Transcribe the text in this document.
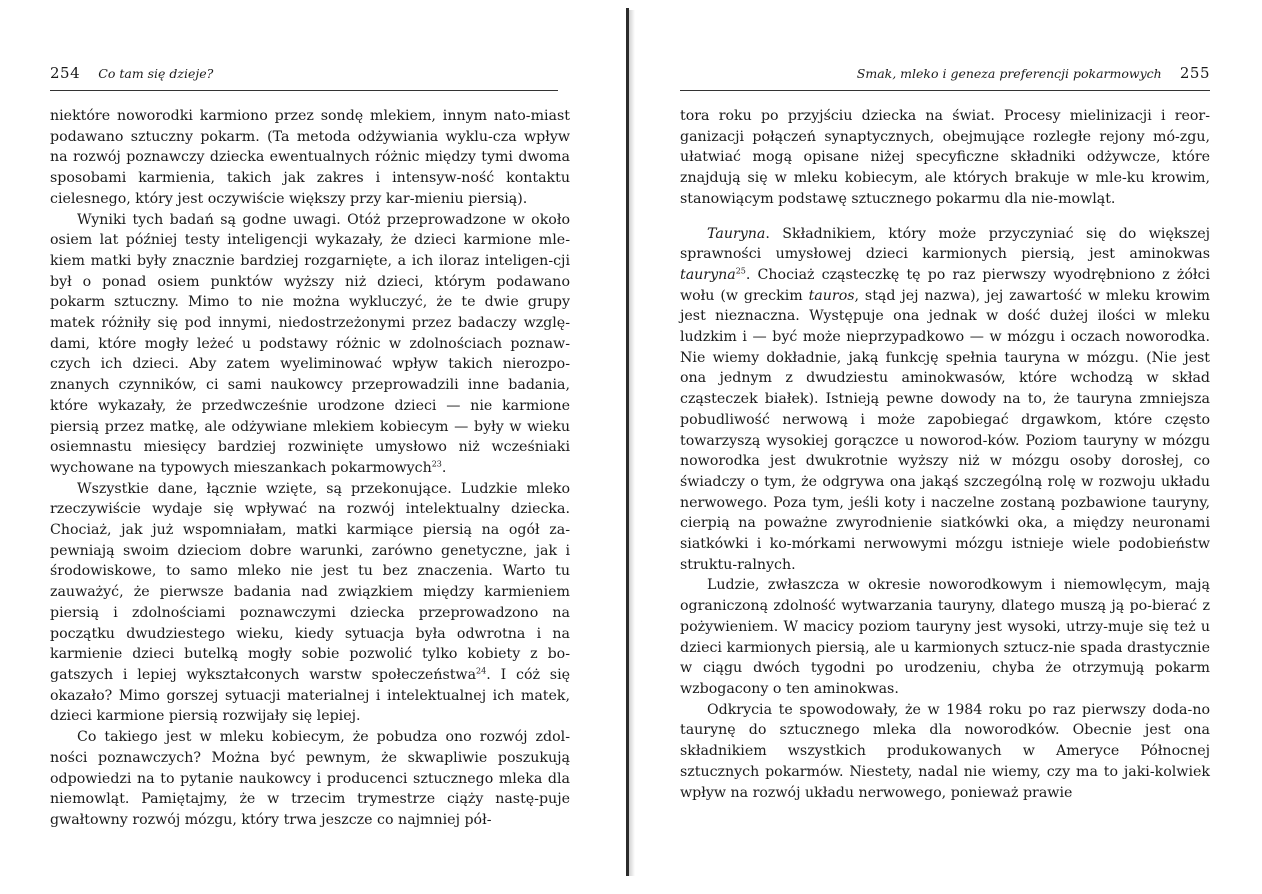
254 Co tam się dzieje?

niektóre noworodki karmiono przez sondę mlekiem, innym nato-miast podawano sztuczny pokarm. (Ta metoda odżywiania wyklu-cza wpływ na rozwój poznawczy dziecka ewentualnych różnic między tymi dwoma sposobami karmienia, takich jak zakres i intensyw-ność kontaktu cielesnego, który jest oczywiście większy przy kar-mieniu piersią).

Wyniki tych badań są godne uwagi. Otóż przeprowadzone w około osiem lat później testy inteligencji wykazały, że dzieci karmione mle-kiem matki były znacznie bardziej rozgarnięte, a ich iloraz inteligen-cji był o ponad osiem punktów wyższy niż dzieci, którym podawano pokarm sztuczny. Mimo to nie można wykluczyć, że te dwie grupy matek różniły się pod innymi, niedostrzeżonymi przez badaczy wzglę-dami, które mogły leżeć u podstawy różnic w zdolnościach poznaw-czych ich dzieci. Aby zatem wyeliminować wpływ takich nierozpo-znanych czynników, ci sami naukowcy przeprowadzili inne badania, które wykazały, że przedwcześnie urodzone dzieci — nie karmione piersią przez matkę, ale odżywiane mlekiem kobiecym — były w wieku osiemnastu miesięcy bardziej rozwinięte umysłowo niż wcześniaki wychowane na typowych mieszankach pokarmowych$^{23}$.

Wszystkie dane, łącznie wzięte, są przekonujące. Ludzkie mleko rzeczywiście wydaje się wpływać na rozwój intelektualny dziecka. Chociaż, jak już wspomniałam, matki karmiące piersią na ogół za-pewniają swoim dzieciom dobre warunki, zarówno genetyczne, jak i środowiskowe, to samo mleko nie jest tu bez znaczenia. Warto tu zauważyć, że pierwsze badania nad związkiem między karmieniem piersią i zdolnościami poznawczymi dziecka przeprowadzono na początku dwudziestego wieku, kiedy sytuacja była odwrotna i na karmienie dzieci butelką mogły sobie pozwolić tylko kobiety z bo-gatszych i lepiej wykształconych warstw społeczeństwa$^{24}$. I cóż się okazało? Mimo gorszej sytuacji materialnej i intelektualnej ich matek, dzieci karmione piersią rozwijały się lepiej.

Co takiego jest w mleku kobiecym, że pobudza ono rozwój zdol-ności poznawczych? Można być pewnym, że skwapliwie poszukują odpowiedzi na to pytanie naukowcy i producenci sztucznego mleka dla niemowląt. Pamiętajmy, że w trzecim trymestrze ciąży nastę-puje gwałtowny rozwój mózgu, który trwa jeszcze co najmniej pół-

Smak, mleko i geneza preferencji pokarmowych 255

tora roku po przyjściu dziecka na świat. Procesy mielinizacji i reor-ganizacji połączeń synaptycznych, obejmujące rozległe rejony mó-zgu, ułatwiać mogą opisane niżej specyficzne składniki odżywcze, które znajdują się w mleku kobiecym, ale których brakuje w mle-ku krowim, stanowiącym podstawę sztucznego pokarmu dla nie-mowląt.

Tauryna. Składnikiem, który może przyczyniać się do większej sprawności umysłowej dzieci karmionych piersią, jest aminokwas tauryna$^{25}$. Chociaż cząsteczkę tę po raz pierwszy wyodrębniono z żółci wołu (w greckim tauros, stąd jej nazwa), jej zawartość w mleku krowim jest nieznaczna. Występuje ona jednak w dość dużej ilości w mleku ludzkim i — być może nieprzypadkowo — w mózgu i oczach noworodka. Nie wiemy dokładnie, jaką funkcję spełnia tauryna w mózgu. (Nie jest ona jednym z dwudziestu aminokwasów, które wchodzą w skład cząsteczek białek). Istnieją pewne dowody na to, że tauryna zmniejsza pobudliwość nerwową i może zapobiegać drgawkom, które często towarzyszą wysokiej gorączce u noworod-ków. Poziom tauryny w mózgu noworodka jest dwukrotnie wyższy niż w mózgu osoby dorosłej, co świadczy o tym, że odgrywa ona jakąś szczególną rolę w rozwoju układu nerwowego. Poza tym, jeśli koty i naczelne zostaną pozbawione tauryny, cierpią na poważne zwyrodnienie siatkówki oka, a między neuronami siatkówki i ko-mórkami nerwowymi mózgu istnieje wiele podobieństw struktu-ralnych.

Ludzie, zwłaszcza w okresie noworodkowym i niemowlęcym, mają ograniczoną zdolność wytwarzania tauryny, dlatego muszą ją po-bierać z pożywieniem. W macicy poziom tauryny jest wysoki, utrzy-muje się też u dzieci karmionych piersią, ale u karmionych sztucz-nie spada drastycznie w ciągu dwóch tygodni po urodzeniu, chyba że otrzymują pokarm wzbogacony o ten aminokwas.

Odkrycia te spowodowały, że w 1984 roku po raz pierwszy doda-no taurynę do sztucznego mleka dla noworodków. Obecnie jest ona składnikiem wszystkich produkowanych w Ameryce Północnej sztucznych pokarmów. Niestety, nadal nie wiemy, czy ma to jaki-kolwiek wpływ na rozwój układu nerwowego, ponieważ prawie
